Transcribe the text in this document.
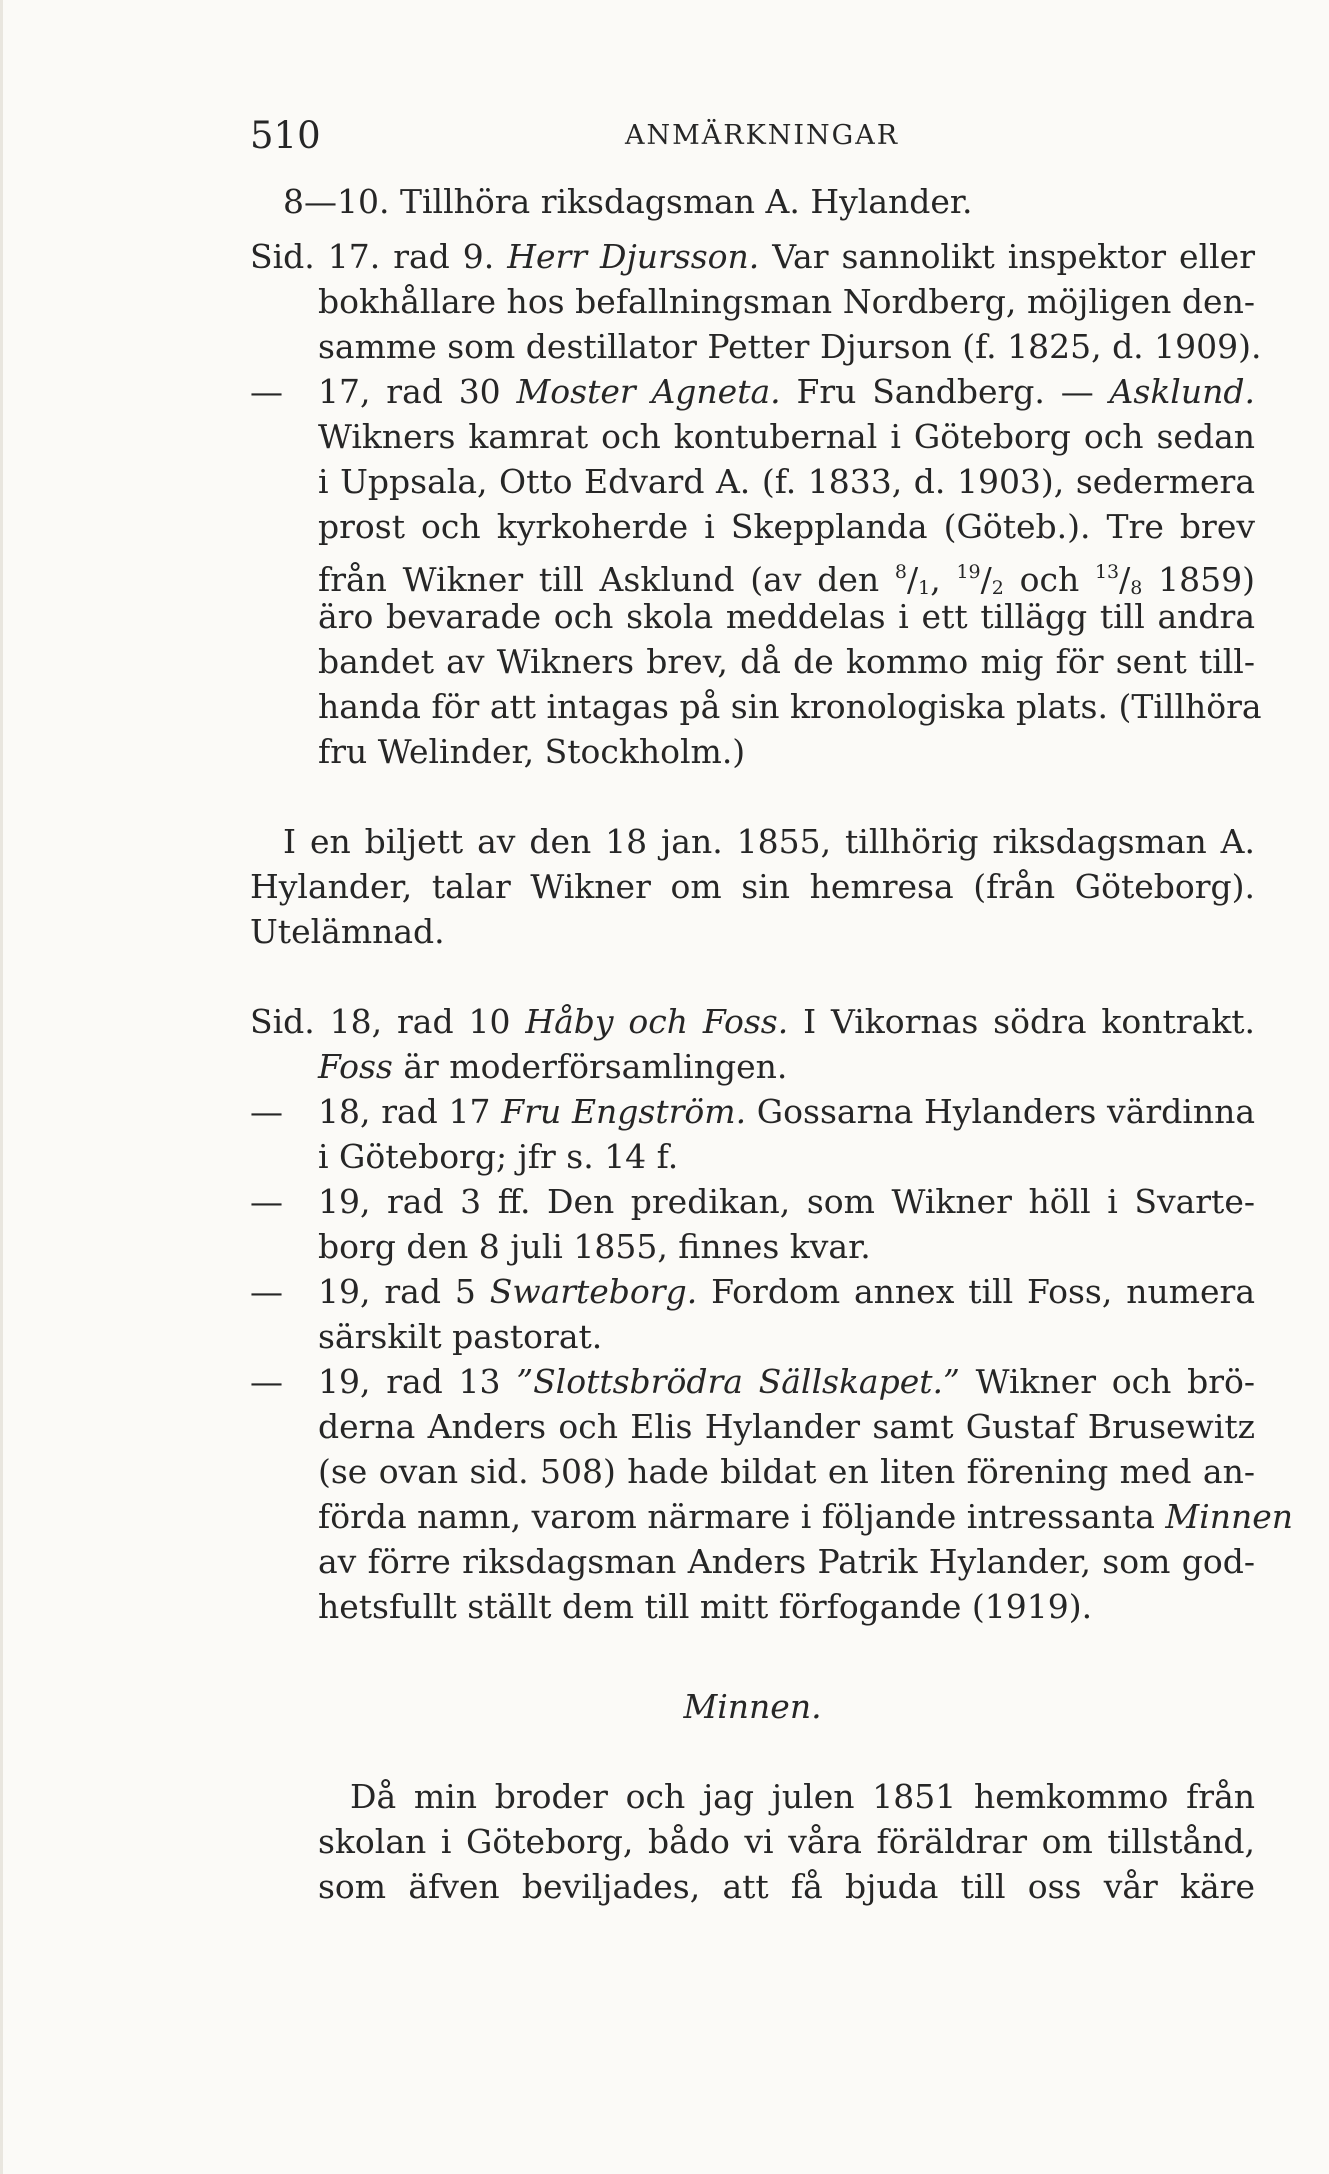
510	ANMÄRKNINGAR
8—10. Tillhöra riksdagsman A. Hylander.
Sid. 17. rad 9. Herr Djursson. Var sannolikt inspektor eller
bokhållare hos befallningsman Nordberg, möjligen den-
samme som destillator Petter Djurson (f. 1825, d. 1909).
—	17, rad 30 Moster Agneta. Fru Sandberg. — Asklund.
Wikners kamrat och kontubernal i Göteborg och sedan
i Uppsala, Otto Edvard A. (f. 1833, d. 1903), sedermera
prost och kyrkoherde i Skepplanda (Göteb.). Tre brev
från Wikner till Asklund (av den $^8$/1, $^{19}$/2 och $^{13}$/8 1859)
äro bevarade och skola meddelas i ett tillägg till andra
bandet av Wikners brev, då de kommo mig för sent till-
handa för att intagas på sin kronologiska plats. (Tillhöra
fru Welinder, Stockholm.)
I en biljett av den 18 jan. 1855, tillhörig riksdagsman A.
Hylander, talar Wikner om sin hemresa (från Göteborg).
Utelämnad.
Sid. 18, rad 10 Håby och Foss. I Vikornas södra kontrakt.
Foss är moderförsamlingen.
—	18, rad 17 Fru Engström. Gossarna Hylanders värdinna
i Göteborg; jfr s. 14 f.
—	19, rad 3 ff. Den predikan, som Wikner höll i Svarte-
borg den 8 juli 1855, finnes kvar.
—	19, rad 5 Swarteborg. Fordom annex till Foss, numera
särskilt pastorat.
—	19, rad 13 ”Slottsbrödra Sällskapet.” Wikner och brö-
derna Anders och Elis Hylander samt Gustaf Brusewitz
(se ovan sid. 508) hade bildat en liten förening med an-
förda namn, varom närmare i följande intressanta Minnen
av förre riksdagsman Anders Patrik Hylander, som god-
hetsfullt ställt dem till mitt förfogande (1919).
Minnen.
Då min broder och jag julen 1851 hemkommo från
skolan i Göteborg, bådo vi våra föräldrar om tillstånd,
som äfven beviljades, att få bjuda till oss vår käre
